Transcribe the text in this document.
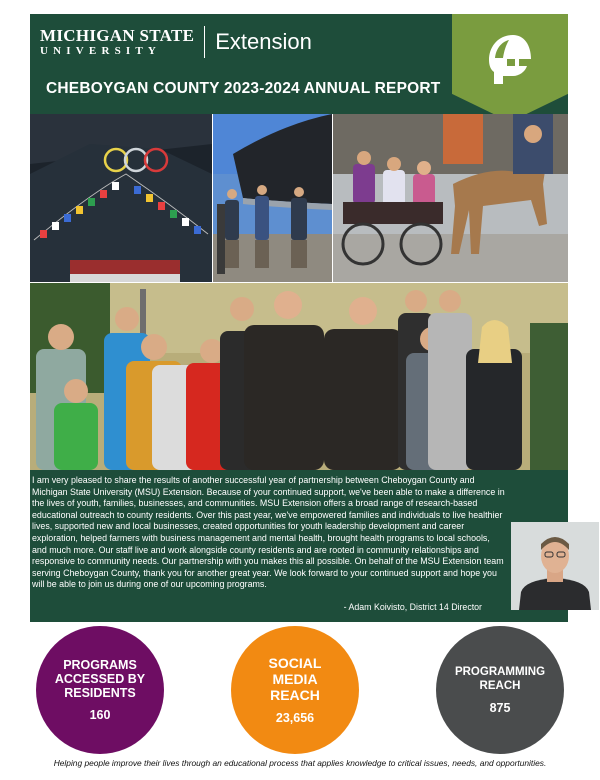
MICHIGAN STATE
UNIVERSITY	Extension
CHEBOYGAN COUNTY 2023-2024 ANNUAL REPORT

I am very pleased to share the results of another successful year of partnership between Cheboygan County and Michigan State University (MSU) Extension. Because of your continued support, we've been able to make a difference in the lives of youth, families, businesses, and communities. MSU Extension offers a broad range of research-based educational outreach to county residents. Over this past year, we've empowered families and individuals to live healthier lives, supported new and local businesses, created opportunities for youth leadership development and career exploration, helped farmers with business management and mental health, brought health programs to local schools, and much more. Our staff live and work alongside county residents and are rooted in community relationships and responsive to community needs. Our partnership with you makes this all possible. On behalf of the MSU Extension team serving Cheboygan County, thank you for another great year. We look forward to your continued support and hope you will be able to join us during one of our upcoming programs.

- Adam Koivisto, District 14 Director
PROGRAMS ACCESSED BY RESIDENTS
160
SOCIAL MEDIA REACH
23,656
PROGRAMMING REACH
875
Helping people improve their lives through an educational process that applies knowledge to critical issues, needs, and opportunities.
